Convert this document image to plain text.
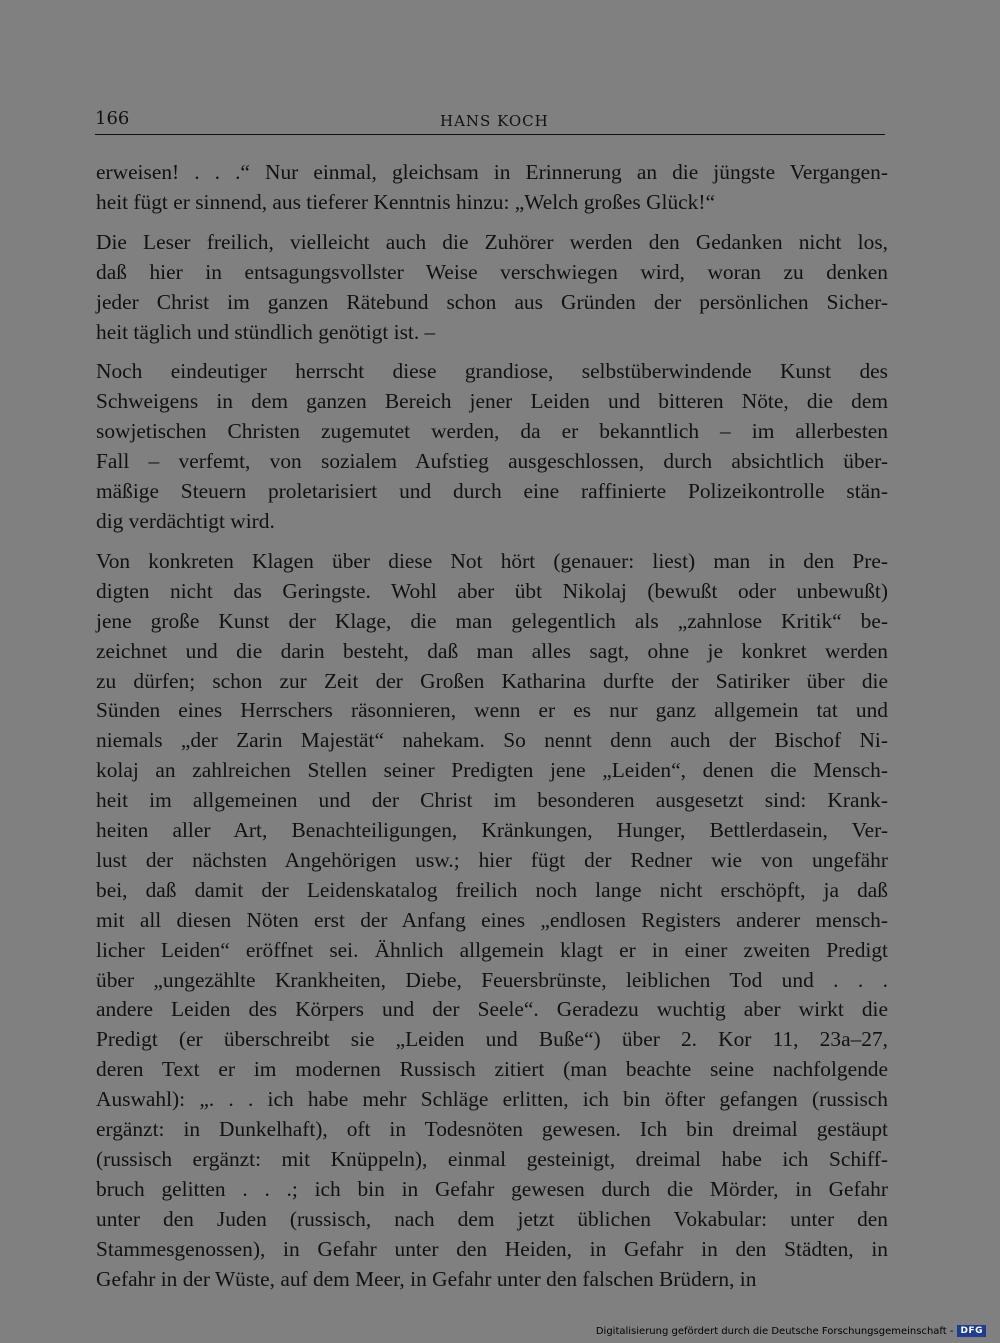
166	HANS KOCH

erweisen! . . .“ Nur einmal, gleichsam in Erinnerung an die jüngste Vergangen-
heit fügt er sinnend, aus tieferer Kenntnis hinzu: „Welch großes Glück!“

Die Leser freilich, vielleicht auch die Zuhörer werden den Gedanken nicht los,
daß hier in entsagungsvollster Weise verschwiegen wird, woran zu denken
jeder Christ im ganzen Rätebund schon aus Gründen der persönlichen Sicher-
heit täglich und stündlich genötigt ist. –

Noch eindeutiger herrscht diese grandiose, selbstüberwindende Kunst des
Schweigens in dem ganzen Bereich jener Leiden und bitteren Nöte, die dem
sowjetischen Christen zugemutet werden, da er bekanntlich – im allerbesten
Fall – verfemt, von sozialem Aufstieg ausgeschlossen, durch absichtlich über-
mäßige Steuern proletarisiert und durch eine raffinierte Polizeikontrolle stän-
dig verdächtigt wird.

Von konkreten Klagen über diese Not hört (genauer: liest) man in den Pre-
digten nicht das Geringste. Wohl aber übt Nikolaj (bewußt oder unbewußt)
jene große Kunst der Klage, die man gelegentlich als „zahnlose Kritik“ be-
zeichnet und die darin besteht, daß man alles sagt, ohne je konkret werden
zu dürfen; schon zur Zeit der Großen Katharina durfte der Satiriker über die
Sünden eines Herrschers räsonnieren, wenn er es nur ganz allgemein tat und
niemals „der Zarin Majestät“ nahekam. So nennt denn auch der Bischof Ni-
kolaj an zahlreichen Stellen seiner Predigten jene „Leiden“, denen die Mensch-
heit im allgemeinen und der Christ im besonderen ausgesetzt sind: Krank-
heiten aller Art, Benachteiligungen, Kränkungen, Hunger, Bettlerdasein, Ver-
lust der nächsten Angehörigen usw.; hier fügt der Redner wie von ungefähr
bei, daß damit der Leidenskatalog freilich noch lange nicht erschöpft, ja daß
mit all diesen Nöten erst der Anfang eines „endlosen Registers anderer mensch-
licher Leiden“ eröffnet sei. Ähnlich allgemein klagt er in einer zweiten Predigt
über „ungezählte Krankheiten, Diebe, Feuersbrünste, leiblichen Tod und . . .
andere Leiden des Körpers und der Seele“. Geradezu wuchtig aber wirkt die
Predigt (er überschreibt sie „Leiden und Buße“) über 2. Kor 11, 23a–27,
deren Text er im modernen Russisch zitiert (man beachte seine nachfolgende
Auswahl): „. . . ich habe mehr Schläge erlitten, ich bin öfter gefangen (russisch
ergänzt: in Dunkelhaft), oft in Todesnöten gewesen. Ich bin dreimal gestäupt
(russisch ergänzt: mit Knüppeln), einmal gesteinigt, dreimal habe ich Schiff-
bruch gelitten . . .; ich bin in Gefahr gewesen durch die Mörder, in Gefahr
unter den Juden (russisch, nach dem jetzt üblichen Vokabular: unter den
Stammesgenossen), in Gefahr unter den Heiden, in Gefahr in den Städten, in
Gefahr in der Wüste, auf dem Meer, in Gefahr unter den falschen Brüdern, in

Digitalisierung gefördert durch die Deutsche Forschungsgemeinschaft - DFG
